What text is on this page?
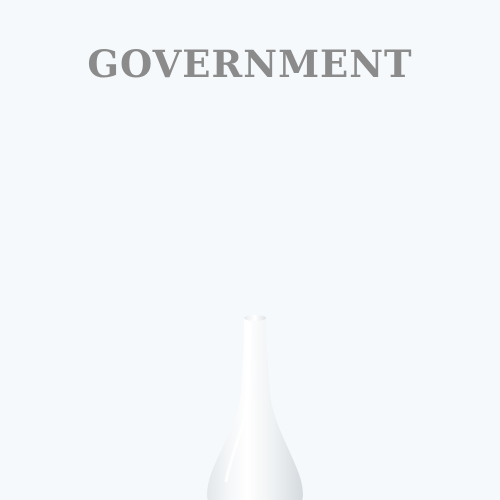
GOVERNMENT
